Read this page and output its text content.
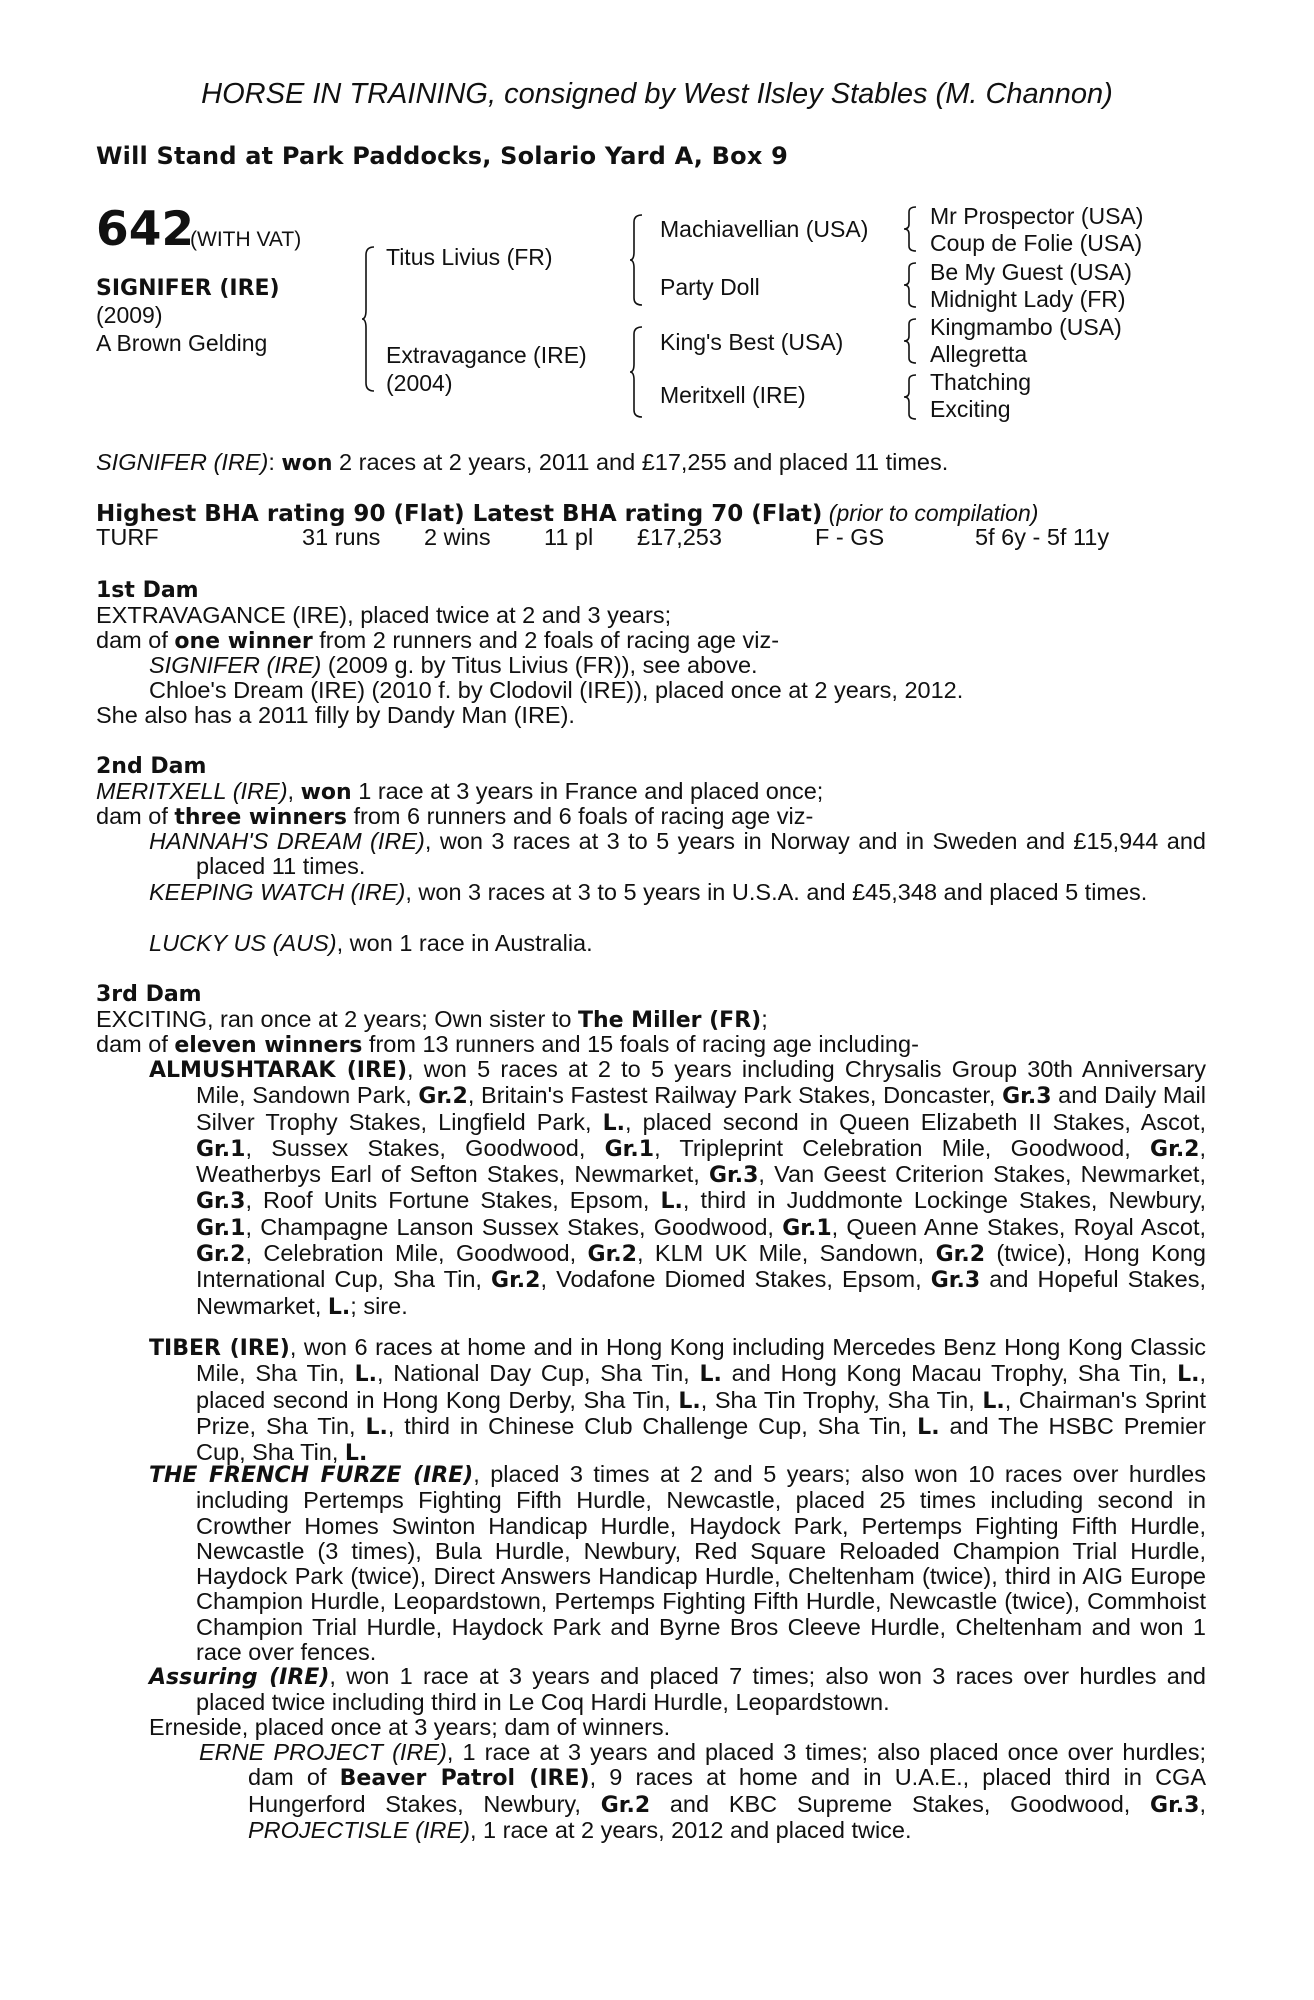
HORSE IN TRAINING, consigned by West Ilsley Stables (M. Channon)
Will Stand at Park Paddocks, Solario Yard A, Box 9
642
(WITH VAT)
SIGNIFER (IRE)
(2009)
A Brown Gelding
Titus Livius (FR)
Extravagance (IRE)
(2004)
Machiavellian (USA)
Party Doll
King's Best (USA)
Meritxell (IRE)
Mr Prospector (USA)
Coup de Folie (USA)
Be My Guest (USA)
Midnight Lady (FR)
Kingmambo (USA)
Allegretta
Thatching
Exciting
SIGNIFER (IRE): won 2 races at 2 years, 2011 and £17,255 and placed 11 times.
Highest BHA rating 90 (Flat) Latest BHA rating 70 (Flat) (prior to compilation)
TURF	31 runs 2 wins 11 pl £17,253	F - GS	5f 6y - 5f 11y
1st Dam
EXTRAVAGANCE (IRE), placed twice at 2 and 3 years;
dam of one winner from 2 runners and 2 foals of racing age viz-
SIGNIFER (IRE) (2009 g. by Titus Livius (FR)), see above.
Chloe's Dream (IRE) (2010 f. by Clodovil (IRE)), placed once at 2 years, 2012.
She also has a 2011 filly by Dandy Man (IRE).
2nd Dam
MERITXELL (IRE), won 1 race at 3 years in France and placed once;
dam of three winners from 6 runners and 6 foals of racing age viz-
HANNAH'S DREAM (IRE), won 3 races at 3 to 5 years in Norway and in Sweden and £15,944 and placed 11 times.
KEEPING WATCH (IRE), won 3 races at 3 to 5 years in U.S.A. and £45,348 and placed 5 times.
LUCKY US (AUS), won 1 race in Australia.
3rd Dam
EXCITING, ran once at 2 years; Own sister to The Miller (FR);
dam of eleven winners from 13 runners and 15 foals of racing age including-
ALMUSHTARAK (IRE), won 5 races at 2 to 5 years including Chrysalis Group 30th Anniversary Mile, Sandown Park, Gr.2, Britain's Fastest Railway Park Stakes, Doncaster, Gr.3 and Daily Mail Silver Trophy Stakes, Lingfield Park, L., placed second in Queen Elizabeth II Stakes, Ascot, Gr.1, Sussex Stakes, Goodwood, Gr.1, Tripleprint Celebration Mile, Goodwood, Gr.2, Weatherbys Earl of Sefton Stakes, Newmarket, Gr.3, Van Geest Criterion Stakes, Newmarket, Gr.3, Roof Units Fortune Stakes, Epsom, L., third in Juddmonte Lockinge Stakes, Newbury, Gr.1, Champagne Lanson Sussex Stakes, Goodwood, Gr.1, Queen Anne Stakes, Royal Ascot, Gr.2, Celebration Mile, Goodwood, Gr.2, KLM UK Mile, Sandown, Gr.2 (twice), Hong Kong International Cup, Sha Tin, Gr.2, Vodafone Diomed Stakes, Epsom, Gr.3 and Hopeful Stakes, Newmarket, L.; sire.
TIBER (IRE), won 6 races at home and in Hong Kong including Mercedes Benz Hong Kong Classic Mile, Sha Tin, L., National Day Cup, Sha Tin, L. and Hong Kong Macau Trophy, Sha Tin, L., placed second in Hong Kong Derby, Sha Tin, L., Sha Tin Trophy, Sha Tin, L., Chairman's Sprint Prize, Sha Tin, L., third in Chinese Club Challenge Cup, Sha Tin, L. and The HSBC Premier Cup, Sha Tin, L.
THE FRENCH FURZE (IRE), placed 3 times at 2 and 5 years; also won 10 races over hurdles including Pertemps Fighting Fifth Hurdle, Newcastle, placed 25 times including second in Crowther Homes Swinton Handicap Hurdle, Haydock Park, Pertemps Fighting Fifth Hurdle, Newcastle (3 times), Bula Hurdle, Newbury, Red Square Reloaded Champion Trial Hurdle, Haydock Park (twice), Direct Answers Handicap Hurdle, Cheltenham (twice), third in AIG Europe Champion Hurdle, Leopardstown, Pertemps Fighting Fifth Hurdle, Newcastle (twice), Commhoist Champion Trial Hurdle, Haydock Park and Byrne Bros Cleeve Hurdle, Cheltenham and won 1 race over fences.
Assuring (IRE), won 1 race at 3 years and placed 7 times; also won 3 races over hurdles and placed twice including third in Le Coq Hardi Hurdle, Leopardstown.
Erneside, placed once at 3 years; dam of winners.
ERNE PROJECT (IRE), 1 race at 3 years and placed 3 times; also placed once over hurdles; dam of Beaver Patrol (IRE), 9 races at home and in U.A.E., placed third in CGA Hungerford Stakes, Newbury, Gr.2 and KBC Supreme Stakes, Goodwood, Gr.3, PROJECTISLE (IRE), 1 race at 2 years, 2012 and placed twice.
